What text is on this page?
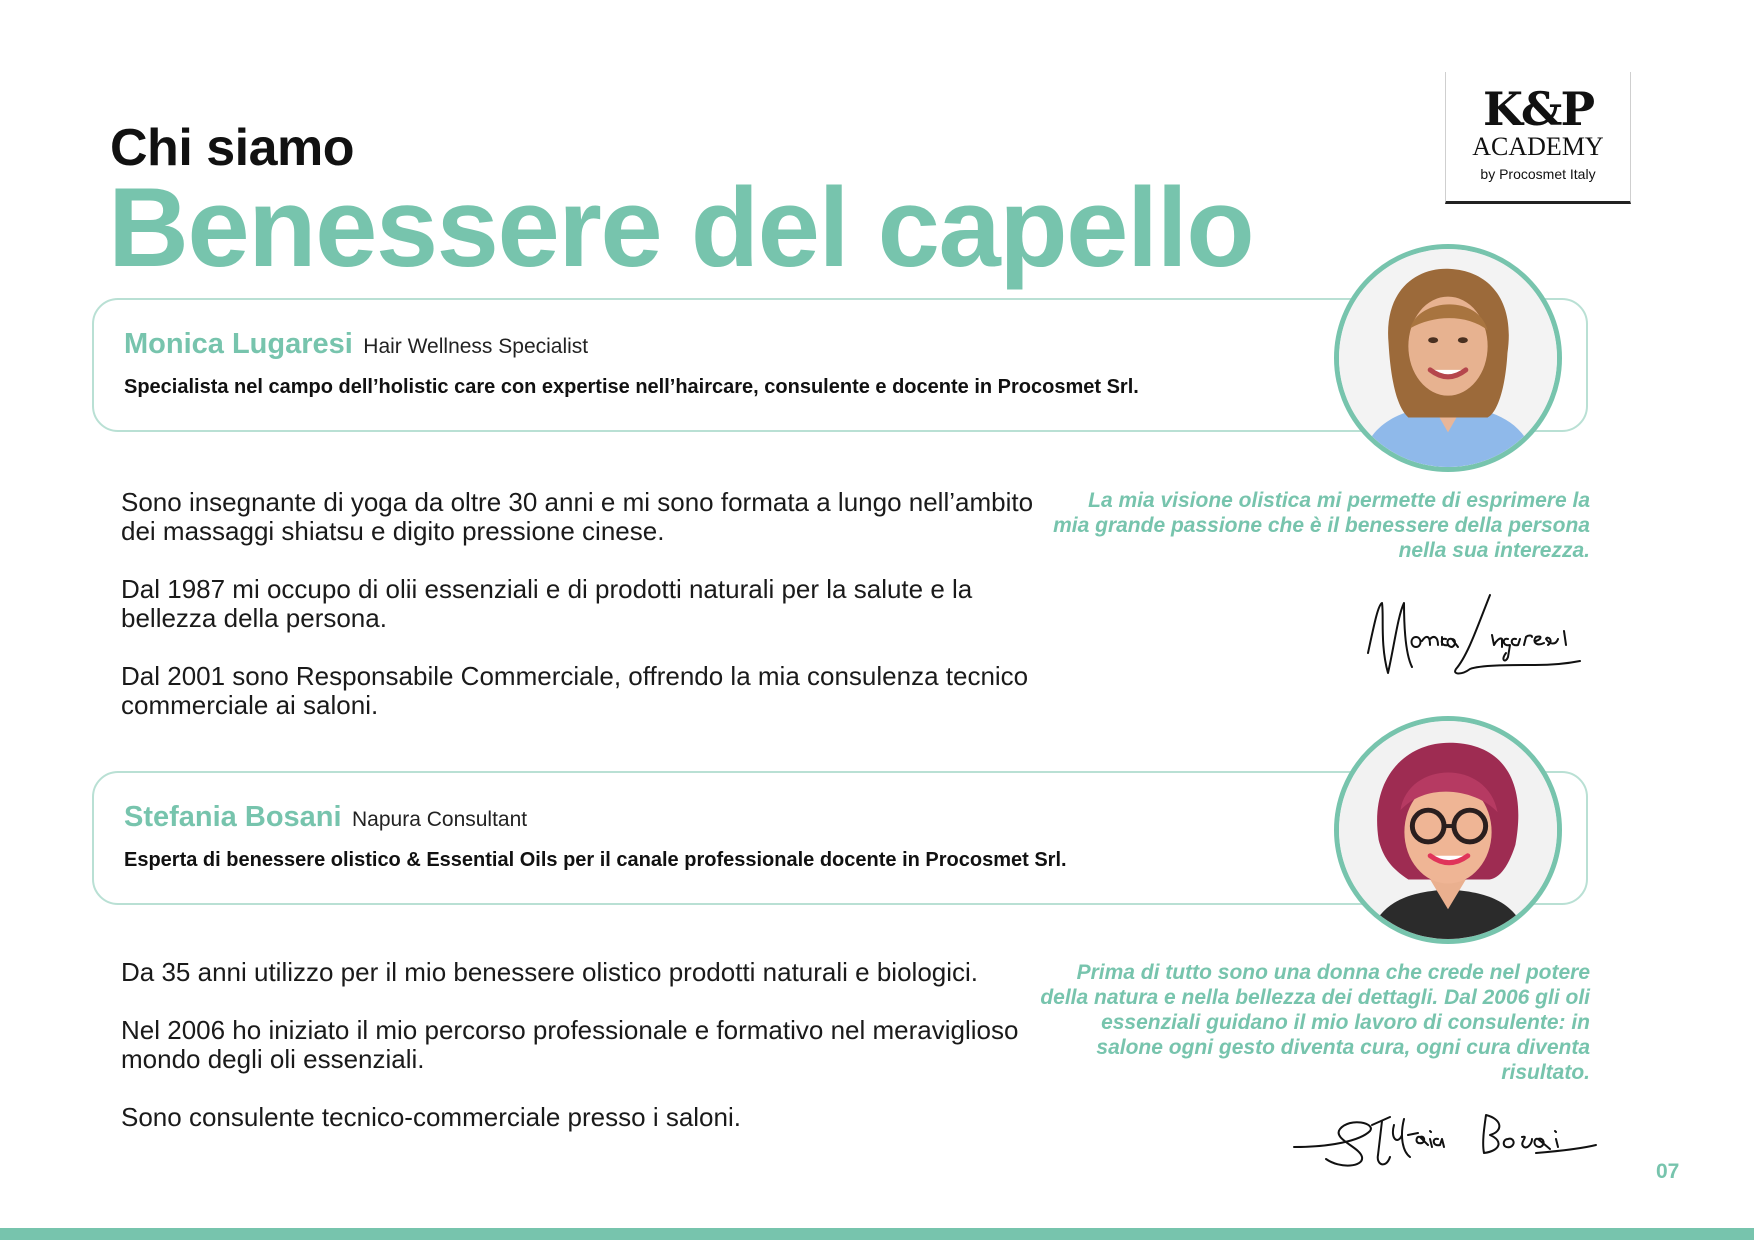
Chi siamo
Benessere del capello
K&P
ACADEMY
by Procosmet Italy
Monica Lugaresi Hair Wellness Specialist
Specialista nel campo dell’holistic care con expertise nell’haircare, consulente e docente in Procosmet Srl.

Sono insegnante di yoga da oltre 30 anni e mi sono formata a lungo nell’ambito dei massaggi shiatsu e digito pressione cinese.

Dal 1987 mi occupo di olii essenziali e di prodotti naturali per la salute e la bellezza della persona.

Dal 2001 sono Responsabile Commerciale, offrendo la mia consulenza tecnico commerciale ai saloni.

La mia visione olistica mi permette di esprimere la mia grande passione che è il benessere della persona nella sua interezza.
Stefania Bosani Napura Consultant
Esperta di benessere olistico & Essential Oils per il canale professionale docente in Procosmet Srl.

Da 35 anni utilizzo per il mio benessere olistico prodotti naturali e biologici.

Nel 2006 ho iniziato il mio percorso professionale e formativo nel meraviglioso mondo degli oli essenziali.

Sono consulente tecnico-commerciale presso i saloni.

Prima di tutto sono una donna che crede nel potere della natura e nella bellezza dei dettagli. Dal 2006 gli oli essenziali guidano il mio lavoro di consulente: in salone ogni gesto diventa cura, ogni cura diventa risultato.
07
